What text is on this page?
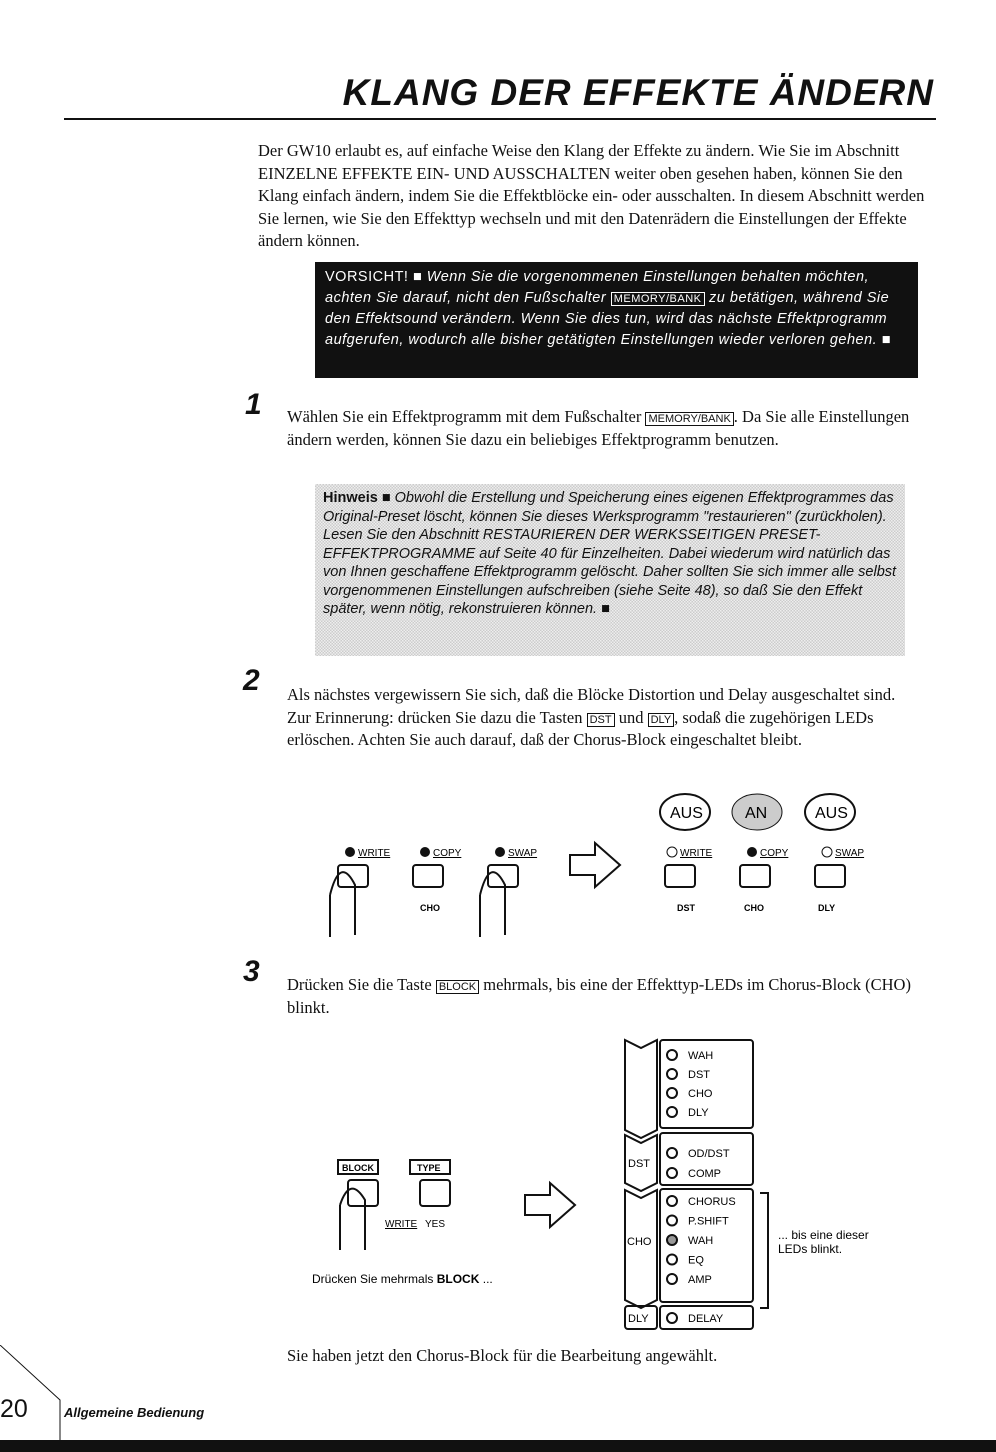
KLANG DER EFFEKTE ÄNDERN
Der GW10 erlaubt es, auf einfache Weise den Klang der Effekte zu ändern. Wie Sie im Abschnitt EINZELNE EFFEKTE EIN- UND AUSSCHALTEN weiter oben gesehen haben, können Sie den Klang einfach ändern, indem Sie die Effektblöcke ein- oder ausschalten. In diesem Abschnitt werden Sie lernen, wie Sie den Effekttyp wechseln und mit den Datenrädern die Einstellungen der Effekte ändern können.
VORSICHT! ■ Wenn Sie die vorgenommenen Einstellungen behalten möchten, achten Sie darauf, nicht den Fußschalter MEMORY/BANK zu betätigen, während Sie den Effektsound verändern. Wenn Sie dies tun, wird das nächste Effektprogramm aufgerufen, wodurch alle bisher getätigten Einstellungen wieder verloren gehen. ■
1 Wählen Sie ein Effektprogramm mit dem Fußschalter MEMORY/BANK . Da Sie alle Einstellungen ändern werden, können Sie dazu ein beliebiges Effektprogramm benutzen.
Hinweis ■ Obwohl die Erstellung und Speicherung eines eigenen Effektprogrammes das Original-Preset löscht, können Sie dieses Werksprogramm "restaurieren" (zurückholen). Lesen Sie den Abschnitt RESTAURIEREN DER WERKSSEITIGEN PRESET-EFFEKTPROGRAMME auf Seite 40 für Einzelheiten. Dabei wiederum wird natürlich das von Ihnen geschaffene Effektprogramm gelöscht. Daher sollten Sie sich immer alle selbst vorgenommenen Einstellungen aufschreiben (siehe Seite 48), so daß Sie den Effekt später, wenn nötig, rekonstruieren können. ■
2 Als nächstes vergewissern Sie sich, daß die Blöcke Distortion und Delay ausgeschaltet sind. Zur Erinnerung: drücken Sie dazu die Tasten DST und DLY , sodaß die zugehörigen LEDs erlöschen. Achten Sie auch darauf, daß der Chorus-Block eingeschaltet bleibt.
WRITE	COPY	SWAP	WRITE	COPY	SWAP
CHO	DST	CHO	DLY
AUS	AN	AUS
3 Drücken Sie die Taste BLOCK mehrmals, bis eine der Effekttyp-LEDs im Chorus-Block (CHO) blinkt.
BLOCK	TYPE
WRITE YES
Drücken Sie mehrmals BLOCK ...
WAH
DST
CHO
DLY
OD/DST
COMP
CHORUS
P.SHIFT
WAH
EQ
AMP
DELAY
DST
CHO
DLY
... bis eine dieser
LEDs blinkt.
Sie haben jetzt den Chorus-Block für die Bearbeitung angewählt.
20	Allgemeine Bedienung
